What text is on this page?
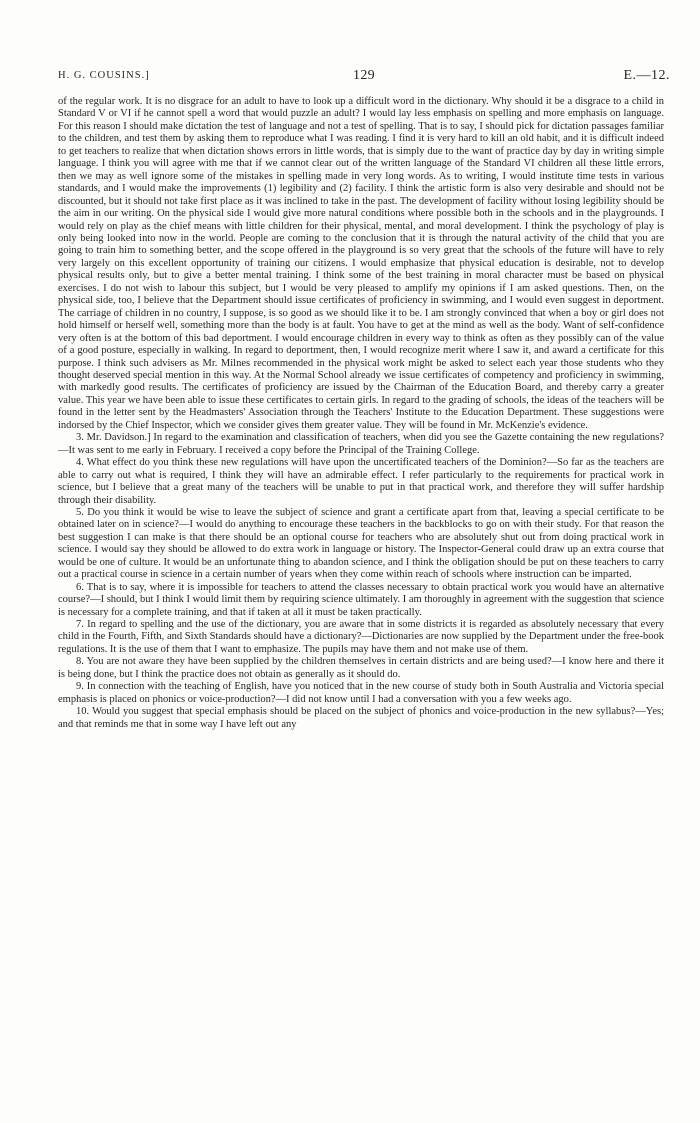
H. G. COUSINS.]	129	E.—12.

of the regular work. It is no disgrace for an adult to have to look up a difficult word in the dictionary. Why should it be a disgrace to a child in Standard V or VI if he cannot spell a word that would puzzle an adult? I would lay less emphasis on spelling and more emphasis on language. For this reason I should make dictation the test of language and not a test of spelling. That is to say, I should pick for dictation passages familiar to the children, and test them by asking them to reproduce what I was reading. I find it is very hard to kill an old habit, and it is difficult indeed to get teachers to realize that when dictation shows errors in little words, that is simply due to the want of practice day by day in writing simple language. I think you will agree with me that if we cannot clear out of the written language of the Standard VI children all these little errors, then we may as well ignore some of the mistakes in spelling made in very long words. As to writing, I would institute time tests in various standards, and I would make the improvements (1) legibility and (2) facility. I think the artistic form is also very desirable and should not be discounted, but it should not take first place as it was inclined to take in the past. The development of facility without losing legibility should be the aim in our writing. On the physical side I would give more natural conditions where possible both in the schools and in the playgrounds. I would rely on play as the chief means with little children for their physical, mental, and moral development. I think the psychology of play is only being looked into now in the world. People are coming to the conclusion that it is through the natural activity of the child that you are going to train him to something better, and the scope offered in the playground is so very great that the schools of the future will have to rely very largely on this excellent opportunity of training our citizens. I would emphasize that physical education is desirable, not to develop physical results only, but to give a better mental training. I think some of the best training in moral character must be based on physical exercises. I do not wish to labour this subject, but I would be very pleased to amplify my opinions if I am asked questions. Then, on the physical side, too, I believe that the Department should issue certificates of proficiency in swimming, and I would even suggest in deportment. The carriage of children in no country, I suppose, is so good as we should like it to be. I am strongly convinced that when a boy or girl does not hold himself or herself well, something more than the body is at fault. You have to get at the mind as well as the body. Want of self-confidence very often is at the bottom of this bad deportment. I would encourage children in every way to think as often as they possibly can of the value of a good posture, especially in walking. In regard to deportment, then, I would recognize merit where I saw it, and award a certificate for this purpose. I think such advisers as Mr. Milnes recommended in the physical work might be asked to select each year those students who they thought deserved special mention in this way. At the Normal School already we issue certificates of competency and proficiency in swimming, with markedly good results. The certificates of proficiency are issued by the Chairman of the Education Board, and thereby carry a greater value. This year we have been able to issue these certificates to certain girls. In regard to the grading of schools, the ideas of the teachers will be found in the letter sent by the Headmasters' Association through the Teachers' Institute to the Education Department. These suggestions were indorsed by the Chief Inspector, which we consider gives them greater value. They will be found in Mr. McKenzie's evidence.

3. Mr. Davidson.] In regard to the examination and classification of teachers, when did you see the Gazette containing the new regulations?—It was sent to me early in February. I received a copy before the Principal of the Training College.

4. What effect do you think these new regulations will have upon the uncertificated teachers of the Dominion?—So far as the teachers are able to carry out what is required, I think they will have an admirable effect. I refer particularly to the requirements for practical work in science, but I believe that a great many of the teachers will be unable to put in that practical work, and therefore they will suffer hardship through their disability.

5. Do you think it would be wise to leave the subject of science and grant a certificate apart from that, leaving a special certificate to be obtained later on in science?—I would do anything to encourage these teachers in the backblocks to go on with their study. For that reason the best suggestion I can make is that there should be an optional course for teachers who are absolutely shut out from doing practical work in science. I would say they should be allowed to do extra work in language or history. The Inspector-General could draw up an extra course that would be one of culture. It would be an unfortunate thing to abandon science, and I think the obligation should be put on these teachers to carry out a practical course in science in a certain number of years when they come within reach of schools where instruction can be imparted.

6. That is to say, where it is impossible for teachers to attend the classes necessary to obtain practical work you would have an alternative course?—I should, but I think I would limit them by requiring science ultimately. I am thoroughly in agreement with the suggestion that science is necessary for a complete training, and that if taken at all it must be taken practically.

7. In regard to spelling and the use of the dictionary, you are aware that in some districts it is regarded as absolutely necessary that every child in the Fourth, Fifth, and Sixth Standards should have a dictionary?—Dictionaries are now supplied by the Department under the free-book regulations. It is the use of them that I want to emphasize. The pupils may have them and not make use of them.

8. You are not aware they have been supplied by the children themselves in certain districts and are being used?—I know here and there it is being done, but I think the practice does not obtain as generally as it should do.

9. In connection with the teaching of English, have you noticed that in the new course of study both in South Australia and Victoria special emphasis is placed on phonics or voice-production?—I did not know until I had a conversation with you a few weeks ago.

10. Would you suggest that special emphasis should be placed on the subject of phonics and voice-production in the new syllabus?—Yes; and that reminds me that in some way I have left out any
